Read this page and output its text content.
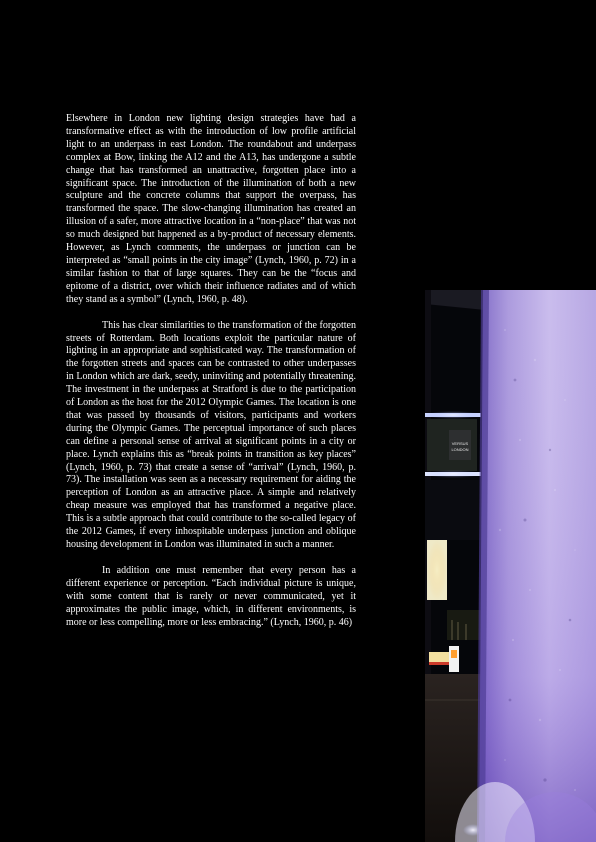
Elsewhere in London new lighting design strategies have had a transformative effect as with the introduction of low profile artificial light to an underpass in east London. The roundabout and underpass complex at Bow, linking the A12 and the A13, has undergone a subtle change that has transformed an unattractive, forgotten place into a significant space. The introduction of the illumination of both a new sculpture and the concrete columns that support the overpass, has transformed the space. The slow-changing illumination has created an illusion of a safer, more attractive location in a “non-place” that was not so much designed but happened as a by-product of necessary elements. However, as Lynch comments, the underpass or junction can be interpreted as “small points in the city image” (Lynch, 1960, p. 72) in a similar fashion to that of large squares. They can be the “focus and epitome of a district, over which their influence radiates and of which they stand as a symbol” (Lynch, 1960, p. 48).

This has clear similarities to the transformation of the forgotten streets of Rotterdam. Both locations exploit the particular nature of lighting in an appropriate and sophisticated way. The transformation of the forgotten streets and spaces can be contrasted to other underpasses in London which are dark, seedy, uninviting and potentially threatening. The investment in the underpass at Stratford is due to the participation of London as the host for the 2012 Olympic Games. The location is one that was passed by thousands of visitors, participants and workers during the Olympic Games. The perceptual importance of such places can define a personal sense of arrival at significant points in a city or place. Lynch explains this as “break points in transition as key places” (Lynch, 1960, p. 73) that create a sense of “arrival” (Lynch, 1960, p. 73). The installation was seen as a necessary requirement for aiding the perception of London as an attractive place. A simple and relatively cheap measure was employed that has transformed a negative place. This is a subtle approach that could contribute to the so-called legacy of the 2012 Games, if every inhospitable underpass junction and oblique housing development in London was illuminated in such a manner.

In addition one must remember that every person has a different experience or perception. “Each individual picture is unique, with some content that is rarely or never communicated, yet it approximates the public image, which, in different environments, is more or less compelling, more or less embracing.” (Lynch, 1960, p. 46)

VERSUS
LONDON
